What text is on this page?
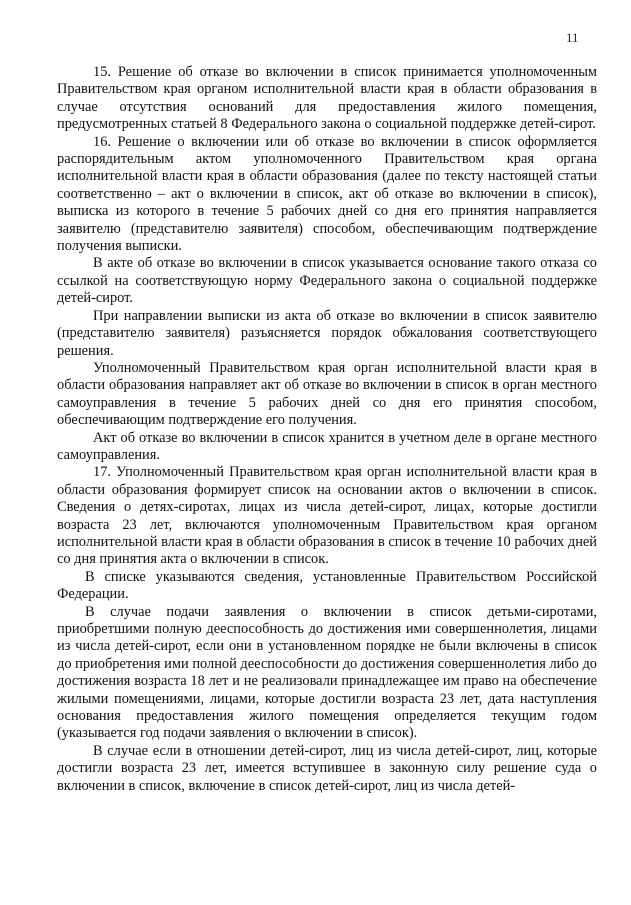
11

15. Решение об отказе во включении в список принимается уполномоченным Правительством края органом исполнительной власти края в области образования в случае отсутствия оснований для предоставления жилого помещения, предусмотренных статьей 8 Федерального закона о социальной поддержке детей-сирот.

16. Решение о включении или об отказе во включении в список оформляется распорядительным актом уполномоченного Правительством края органа исполнительной власти края в области образования (далее по тексту настоящей статьи соответственно – акт о включении в список, акт об отказе во включении в список), выписка из которого в течение 5 рабочих дней со дня его принятия направляется заявителю (представителю заявителя) способом, обеспечивающим подтверждение получения выписки.

В акте об отказе во включении в список указывается основание такого отказа со ссылкой на соответствующую норму Федерального закона о социальной поддержке детей-сирот.

При направлении выписки из акта об отказе во включении в список заявителю (представителю заявителя) разъясняется порядок обжалования соответствующего решения.

Уполномоченный Правительством края орган исполнительной власти края в области образования направляет акт об отказе во включении в список в орган местного самоуправления в течение 5 рабочих дней со дня его принятия способом, обеспечивающим подтверждение его получения.

Акт об отказе во включении в список хранится в учетном деле в органе местного самоуправления.

17. Уполномоченный Правительством края орган исполнительной власти края в области образования формирует список на основании актов о включении в список. Сведения о детях-сиротах, лицах из числа детей-сирот, лицах, которые достигли возраста 23 лет, включаются уполномоченным Правительством края органом исполнительной власти края в области образования в список в течение 10 рабочих дней со дня принятия акта о включении в список.

В списке указываются сведения, установленные Правительством Российской Федерации.

В случае подачи заявления о включении в список детьми-сиротами, приобретшими полную дееспособность до достижения ими совершеннолетия, лицами из числа детей-сирот, если они в установленном порядке не были включены в список до приобретения ими полной дееспособности до достижения совершеннолетия либо до достижения возраста 18 лет и не реализовали принадлежащее им право на обеспечение жилыми помещениями, лицами, которые достигли возраста 23 лет, дата наступления основания предоставления жилого помещения определяется текущим годом (указывается год подачи заявления о включении в список).

В случае если в отношении детей-сирот, лиц из числа детей-сирот, лиц, которые достигли возраста 23 лет, имеется вступившее в законную силу решение суда о включении в список, включение в список детей-сирот, лиц из числа детей-
